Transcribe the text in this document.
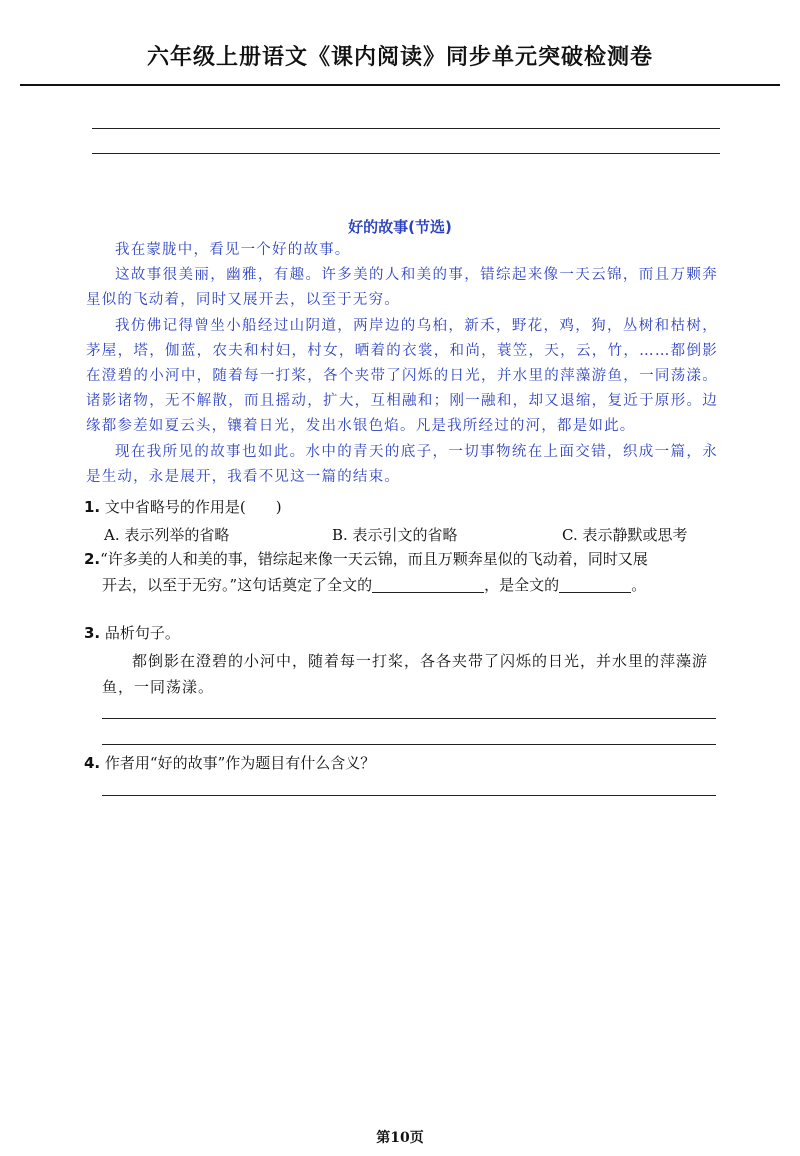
六年级上册语文《课内阅读》同步单元突破检测卷
好的故事(节选)

我在蒙胧中，看见一个好的故事。

这故事很美丽，幽雅，有趣。许多美的人和美的事，错综起来像一天云锦，而且万颗奔星似的飞动着，同时又展开去，以至于无穷。

我仿佛记得曾坐小船经过山阴道，两岸边的乌桕，新禾，野花，鸡，狗，丛树和枯树，茅屋，塔，伽蓝，农夫和村妇，村女，晒着的衣裳，和尚，蓑笠，天，云，竹，……都倒影在澄碧的小河中，随着每一打桨，各个夹带了闪烁的日光，并水里的萍藻游鱼，一同荡漾。诸影诸物，无不解散，而且摇动，扩大，互相融和；刚一融和，却又退缩，复近于原形。边缘都参差如夏云头，镶着日光，发出水银色焰。凡是我所经过的河，都是如此。

现在我所见的故事也如此。水中的青天的底子，一切事物统在上面交错，织成一篇，永是生动，永是展开，我看不见这一篇的结束。

1. 文中省略号的作用是(　　)
A. 表示列举的省略	B. 表示引文的省略	C. 表示静默或思考
2.“许多美的人和美的事，错综起来像一天云锦，而且万颗奔星似的飞动着，同时又展
开去，以至于无穷。”这句话奠定了全文的	，是全文的	。
3. 品析句子。
都倒影在澄碧的小河中，随着每一打桨，各各夹带了闪烁的日光，并水里的萍藻游鱼，一同荡漾。
4. 作者用“好的故事”作为题目有什么含义？
第10页
